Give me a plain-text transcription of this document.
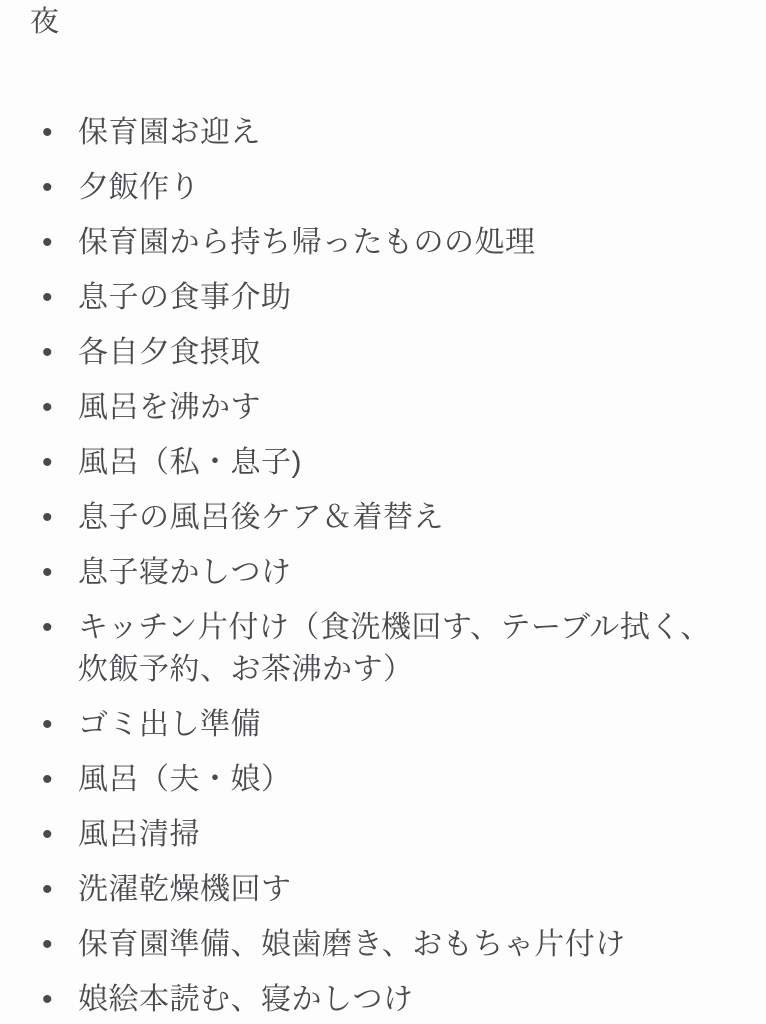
夜
• 保育園お迎え
• 夕飯作り
• 保育園から持ち帰ったものの処理
• 息子の食事介助
• 各自夕食摂取
• 風呂を沸かす
• 風呂（私・息子)
• 息子の風呂後ケア＆着替え
• 息子寝かしつけ
• キッチン片付け（食洗機回す、テーブル拭く、炊飯予約、お茶沸かす）
• ゴミ出し準備
• 風呂（夫・娘）
• 風呂清掃
• 洗濯乾燥機回す
• 保育園準備、娘歯磨き、おもちゃ片付け
• 娘絵本読む、寝かしつけ
